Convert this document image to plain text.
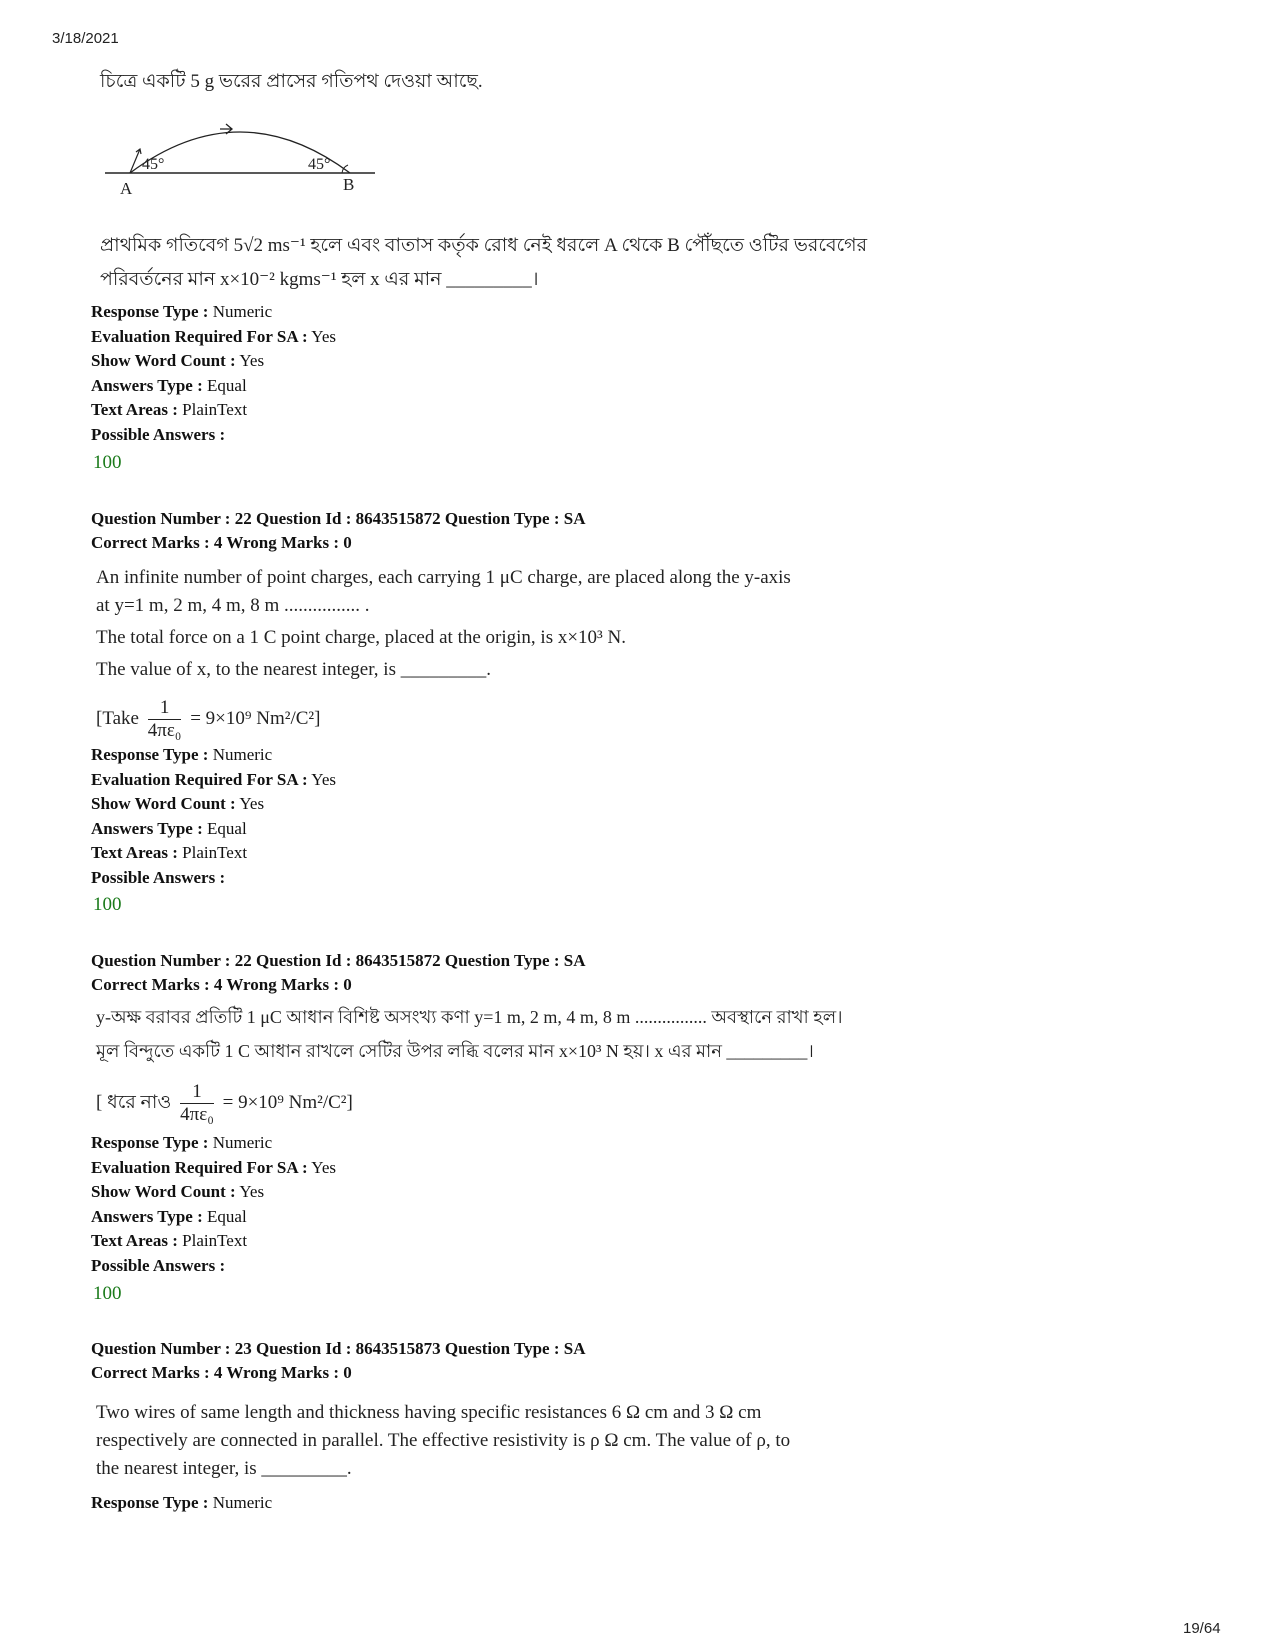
3/18/2021
19/64
চিত্রে একটি 5 g ভরের প্রাসের গতিপথ দেওয়া আছে.
45°	45°
A	B
প্রাথমিক গতিবেগ 5√2 ms⁻¹ হলে এবং বাতাস কর্তৃক রোধ নেই ধরলে A থেকে B পৌঁছতে ওটির ভরবেগের
পরিবর্তনের মান x×10⁻² kgms⁻¹ হল x এর মান _________।
Response Type : Numeric
Evaluation Required For SA : Yes
Show Word Count : Yes
Answers Type : Equal
Text Areas : PlainText
Possible Answers :
100
Question Number : 22 Question Id : 8643515872 Question Type : SA
Correct Marks : 4 Wrong Marks : 0
An infinite number of point charges, each carrying 1 μC charge, are placed along the y-axis
at y=1 m, 2 m, 4 m, 8 m ................ .
The total force on a 1 C point charge, placed at the origin, is x×10³ N.
The value of x, to the nearest integer, is _________.
[Take $\frac{1}{\text{4πε₀}} = 9\times 10^9$ Nm²/C²]
Response Type : Numeric
Evaluation Required For SA : Yes
Show Word Count : Yes
Answers Type : Equal
Text Areas : PlainText
Possible Answers :
100
Question Number : 22 Question Id : 8643515872 Question Type : SA
Correct Marks : 4 Wrong Marks : 0
y-অক্ষ বরাবর প্রতিটি 1 μC আধান বিশিষ্ট অসংখ্য কণা y=1 m, 2 m, 4 m, 8 m ................ অবস্থানে রাখা হল।
মূল বিন্দুতে একটি 1 C আধান রাখলে সেটির উপর লব্ধি বলের মান x×10³ N হয়। x এর মান _________।
[ ধরে নাও $\frac{1}{\text{4πε₀}} = 9\times 10^9$ Nm²/C²]
Response Type : Numeric
Evaluation Required For SA : Yes
Show Word Count : Yes
Answers Type : Equal
Text Areas : PlainText
Possible Answers :
100
Question Number : 23 Question Id : 8643515873 Question Type : SA
Correct Marks : 4 Wrong Marks : 0
Two wires of same length and thickness having specific resistances 6 Ω cm and 3 Ω cm
respectively are connected in parallel. The effective resistivity is ρ Ω cm. The value of ρ, to
the nearest integer, is _________.
Response Type : Numeric
